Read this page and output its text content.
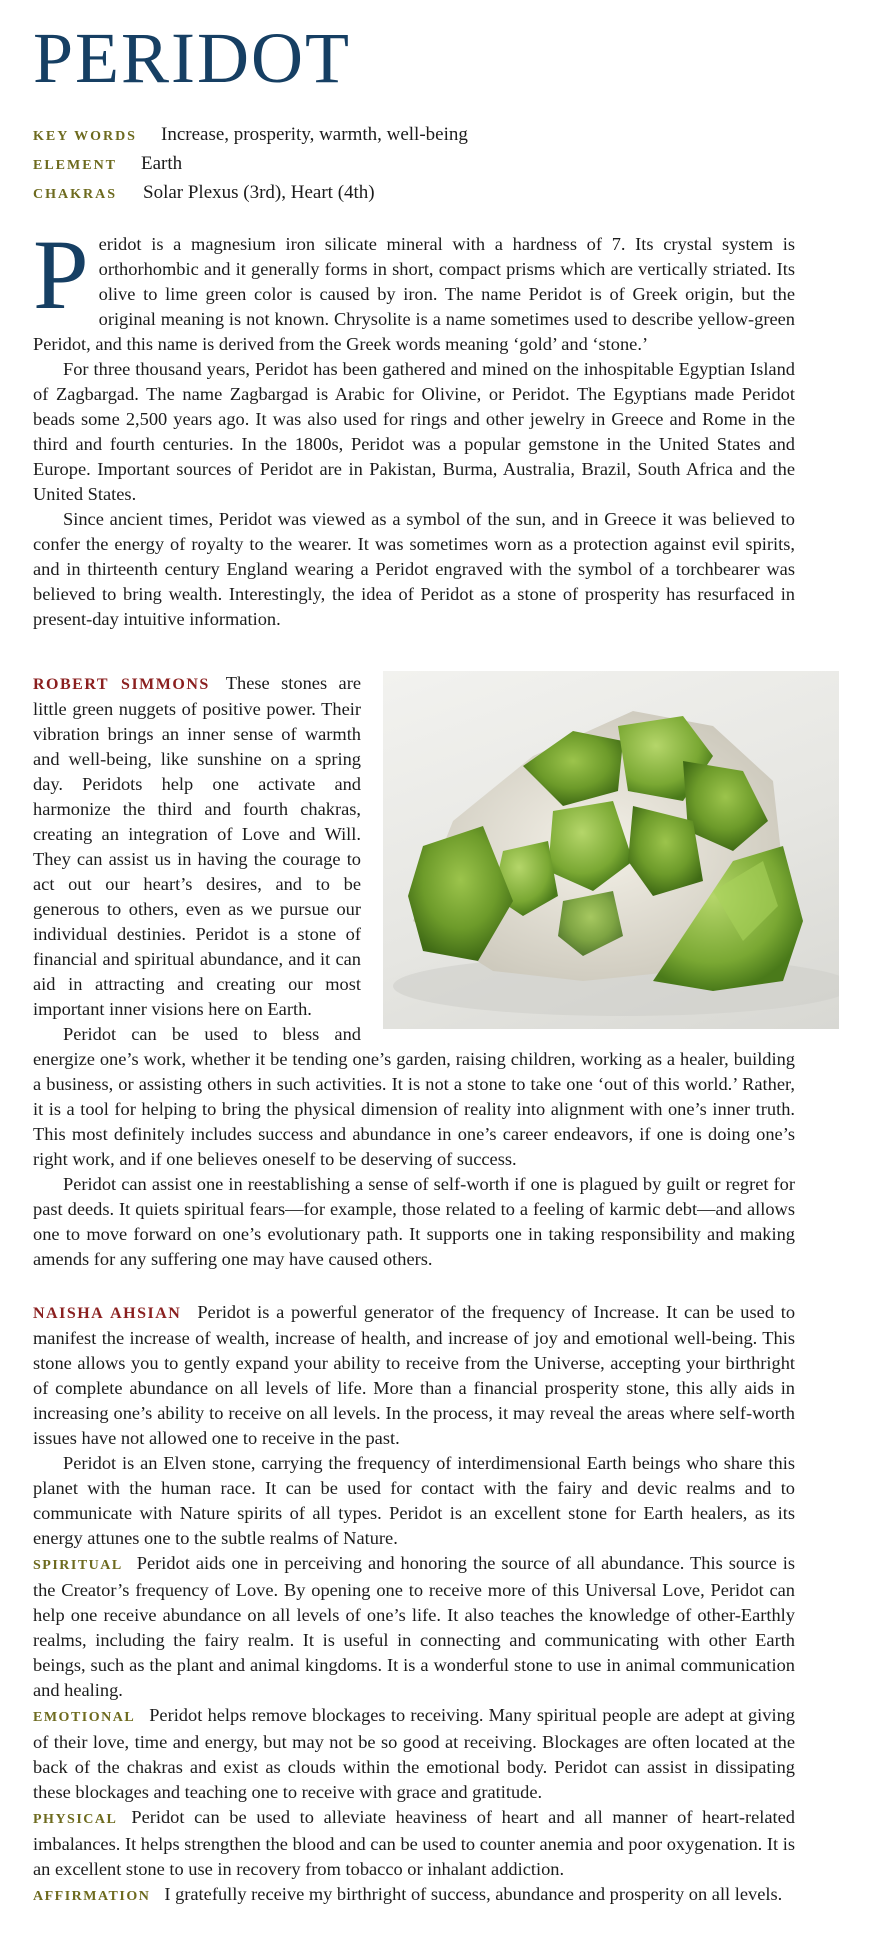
PERIDOT
KEY WORDS	Increase, prosperity, warmth, well-being
ELEMENT	Earth
CHAKRAS	Solar Plexus (3rd), Heart (4th)

Peridot is a magnesium iron silicate mineral with a hardness of 7. Its crystal system is orthorhombic and it generally forms in short, compact prisms which are vertically striated. Its olive to lime green color is caused by iron. The name Peridot is of Greek origin, but the original meaning is not known. Chrysolite is a name sometimes used to describe yellow-green Peridot, and this name is derived from the Greek words meaning ‘gold’ and ‘stone.’

For three thousand years, Peridot has been gathered and mined on the inhospitable Egyptian Island of Zagbargad. The name Zagbargad is Arabic for Olivine, or Peridot. The Egyptians made Peridot beads some 2,500 years ago. It was also used for rings and other jewelry in Greece and Rome in the third and fourth centuries. In the 1800s, Peridot was a popular gemstone in the United States and Europe. Important sources of Peridot are in Pakistan, Burma, Australia, Brazil, South Africa and the United States.

Since ancient times, Peridot was viewed as a symbol of the sun, and in Greece it was believed to confer the energy of royalty to the wearer. It was sometimes worn as a protection against evil spirits, and in thirteenth century England wearing a Peridot engraved with the symbol of a torchbearer was believed to bring wealth. Interestingly, the idea of Peridot as a stone of prosperity has resurfaced in present-day intuitive information.

ROBERT SIMMONS These stones are little green nuggets of positive power. Their vibration brings an inner sense of warmth and well-being, like sunshine on a spring day. Peridots help one activate and harmonize the third and fourth chakras, creating an integration of Love and Will. They can assist us in having the courage to act out our heart’s desires, and to be generous to others, even as we pursue our individual destinies. Peridot is a stone of financial and spiritual abundance, and it can aid in attracting and creating our most important inner visions here on Earth.

Peridot can be used to bless and energize one’s work, whether it be tending one’s garden, raising children, working as a healer, building a business, or assisting others in such activities. It is not a stone to take one ‘out of this world.’ Rather, it is a tool for helping to bring the physical dimension of reality into alignment with one’s inner truth. This most definitely includes success and abundance in one’s career endeavors, if one is doing one’s right work, and if one believes oneself to be deserving of success.

Peridot can assist one in reestablishing a sense of self-worth if one is plagued by guilt or regret for past deeds. It quiets spiritual fears—for example, those related to a feeling of karmic debt—and allows one to move forward on one’s evolutionary path. It supports one in taking responsibility and making amends for any suffering one may have caused others.

NAISHA AHSIAN Peridot is a powerful generator of the frequency of Increase. It can be used to manifest the increase of wealth, increase of health, and increase of joy and emotional well-being. This stone allows you to gently expand your ability to receive from the Universe, accepting your birthright of complete abundance on all levels of life. More than a financial prosperity stone, this ally aids in increasing one’s ability to receive on all levels. In the process, it may reveal the areas where self-worth issues have not allowed one to receive in the past.

Peridot is an Elven stone, carrying the frequency of interdimensional Earth beings who share this planet with the human race. It can be used for contact with the fairy and devic realms and to communicate with Nature spirits of all types. Peridot is an excellent stone for Earth healers, as its energy attunes one to the subtle realms of Nature.

SPIRITUAL Peridot aids one in perceiving and honoring the source of all abundance. This source is the Creator’s frequency of Love. By opening one to receive more of this Universal Love, Peridot can help one receive abundance on all levels of one’s life. It also teaches the knowledge of other-Earthly realms, including the fairy realm. It is useful in connecting and communicating with other Earth beings, such as the plant and animal kingdoms. It is a wonderful stone to use in animal communication and healing.

EMOTIONAL Peridot helps remove blockages to receiving. Many spiritual people are adept at giving of their love, time and energy, but may not be so good at receiving. Blockages are often located at the back of the chakras and exist as clouds within the emotional body. Peridot can assist in dissipating these blockages and teaching one to receive with grace and gratitude.

PHYSICAL Peridot can be used to alleviate heaviness of heart and all manner of heart-related imbalances. It helps strengthen the blood and can be used to counter anemia and poor oxygenation. It is an excellent stone to use in recovery from tobacco or inhalant addiction.

AFFIRMATION I gratefully receive my birthright of success, abundance and prosperity on all levels.
